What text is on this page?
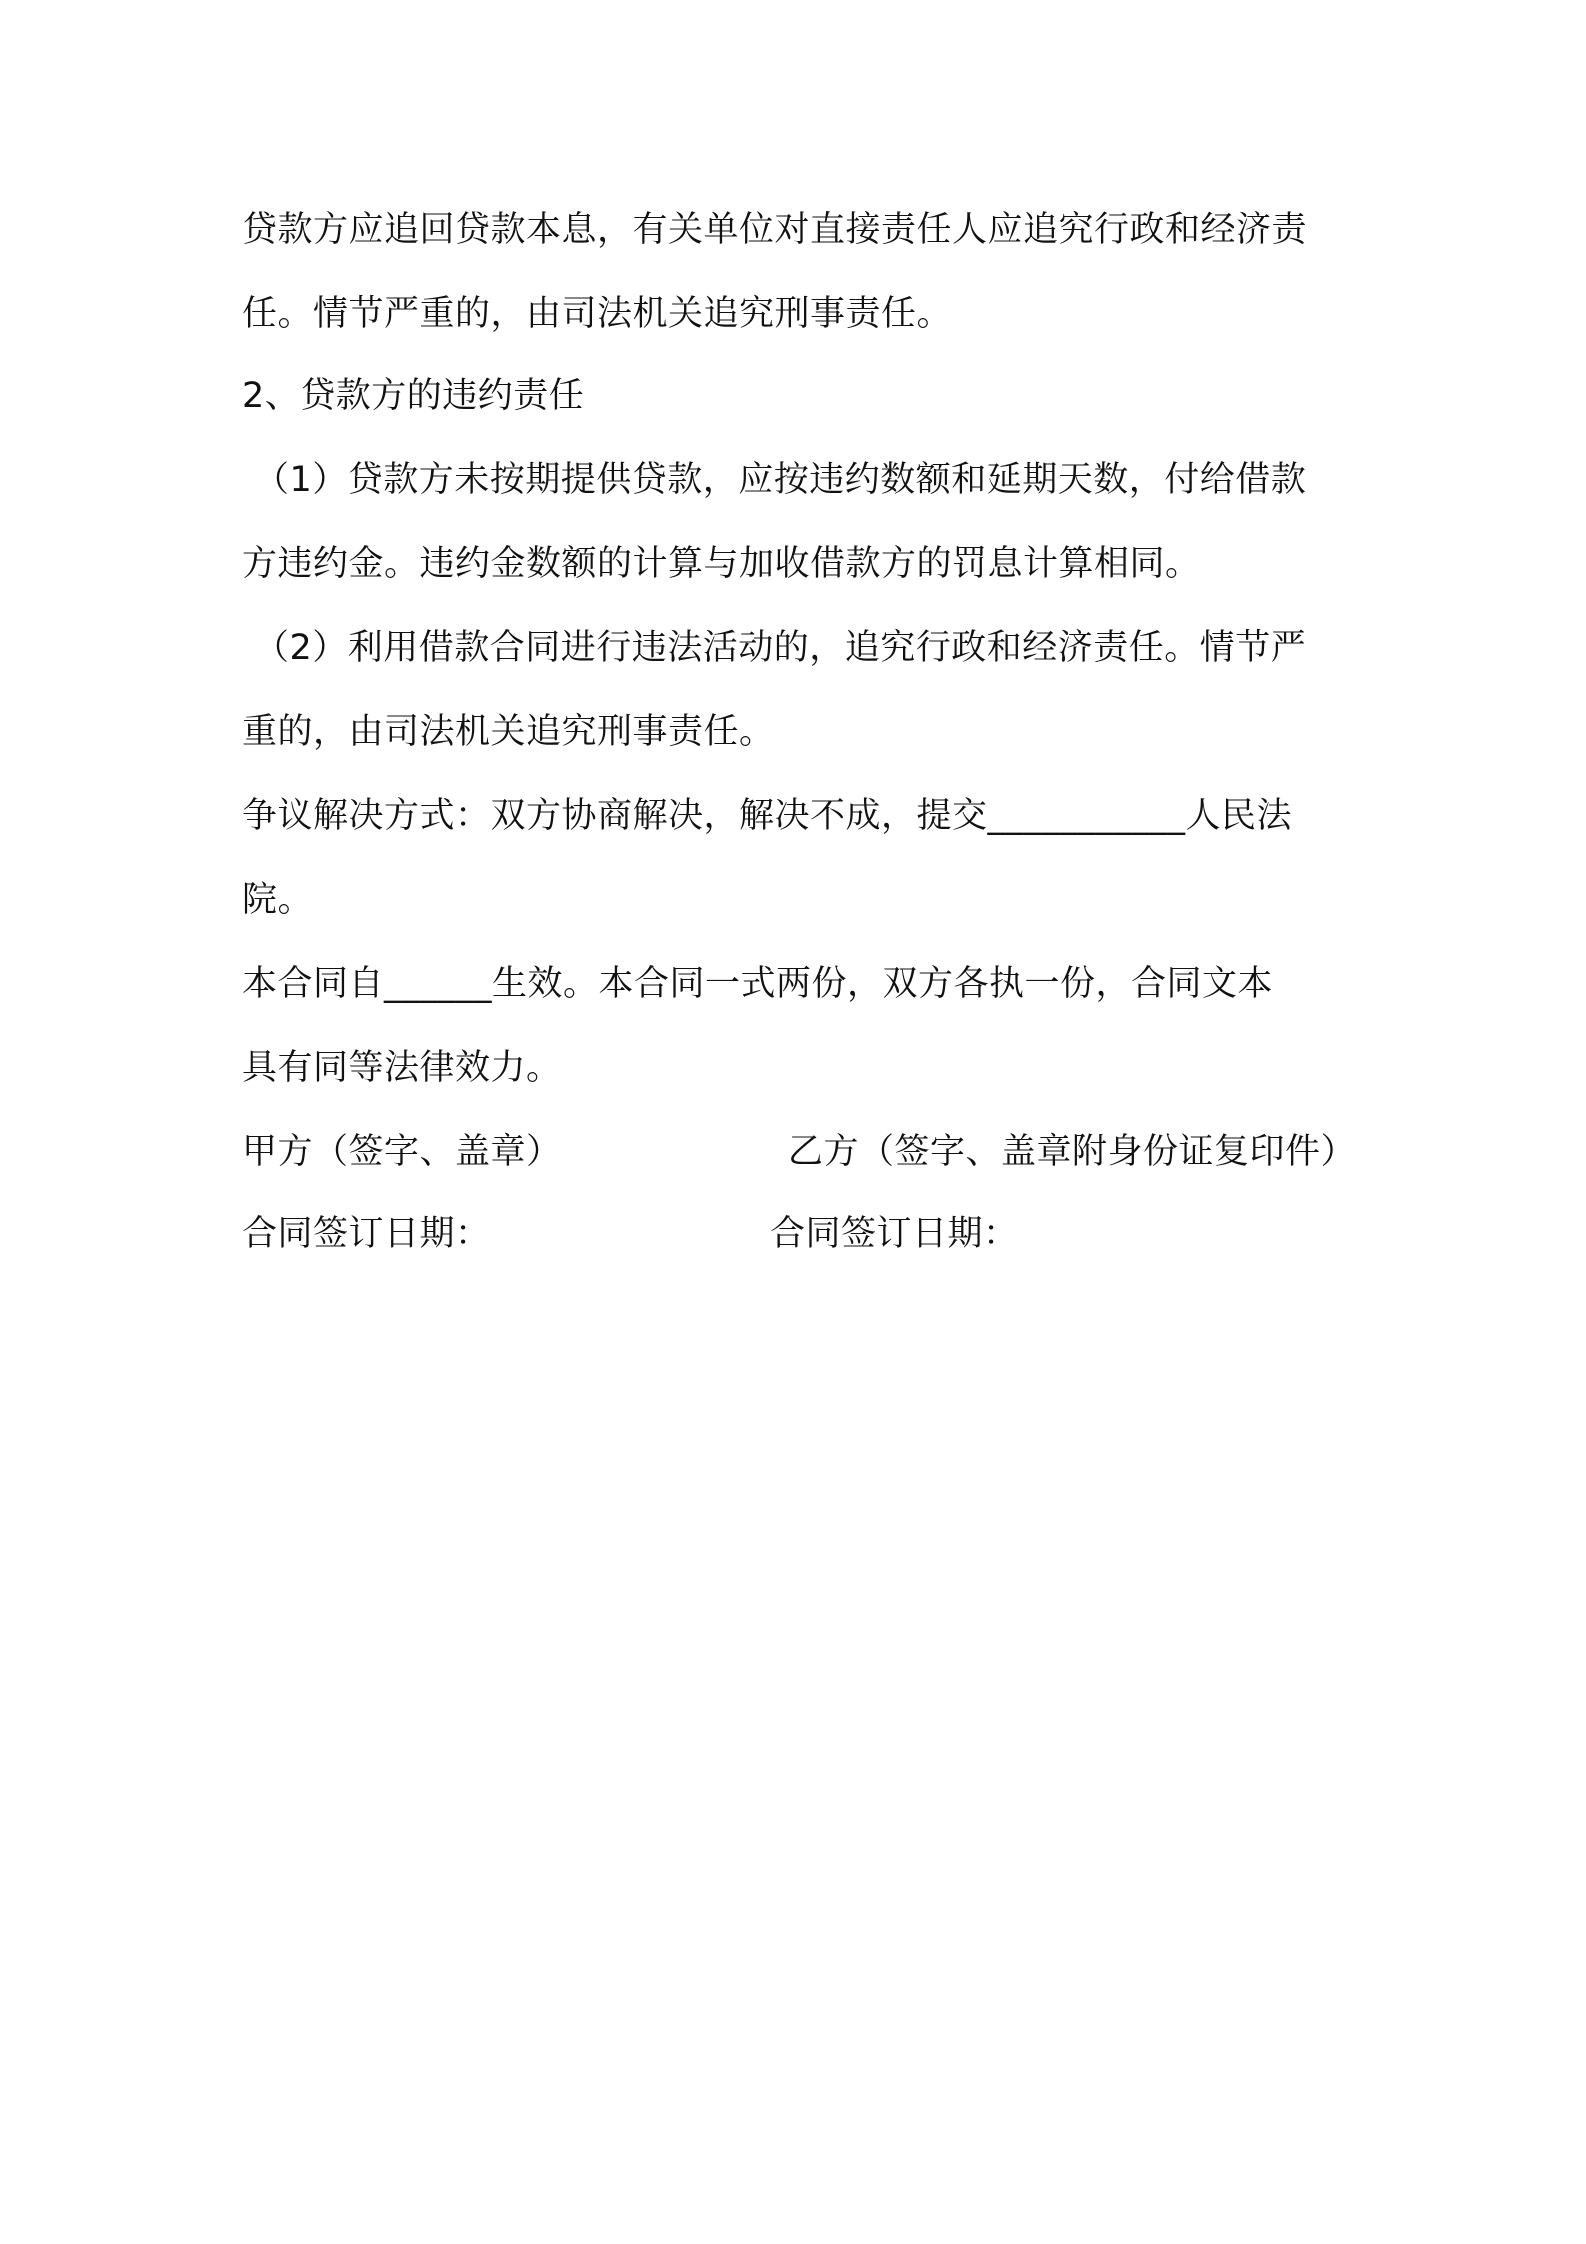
贷款方应追回贷款本息，有关单位对直接责任人应追究行政和经济责
任。情节严重的，由司法机关追究刑事责任。
2、贷款方的违约责任
（1）贷款方未按期提供贷款，应按违约数额和延期天数，付给借款
方违约金。违约金数额的计算与加收借款方的罚息计算相同。
（2）利用借款合同进行违法活动的，追究行政和经济责任。情节严
重的，由司法机关追究刑事责任。
争议解决方式：双方协商解决，解决不成，提交___________人民法
院。
本合同自______生效。本合同一式两份，双方各执一份，合同文本
具有同等法律效力。
甲方（签字、盖章）	乙方（签字、盖章附身份证复印件）
合同签订日期：	合同签订日期：
